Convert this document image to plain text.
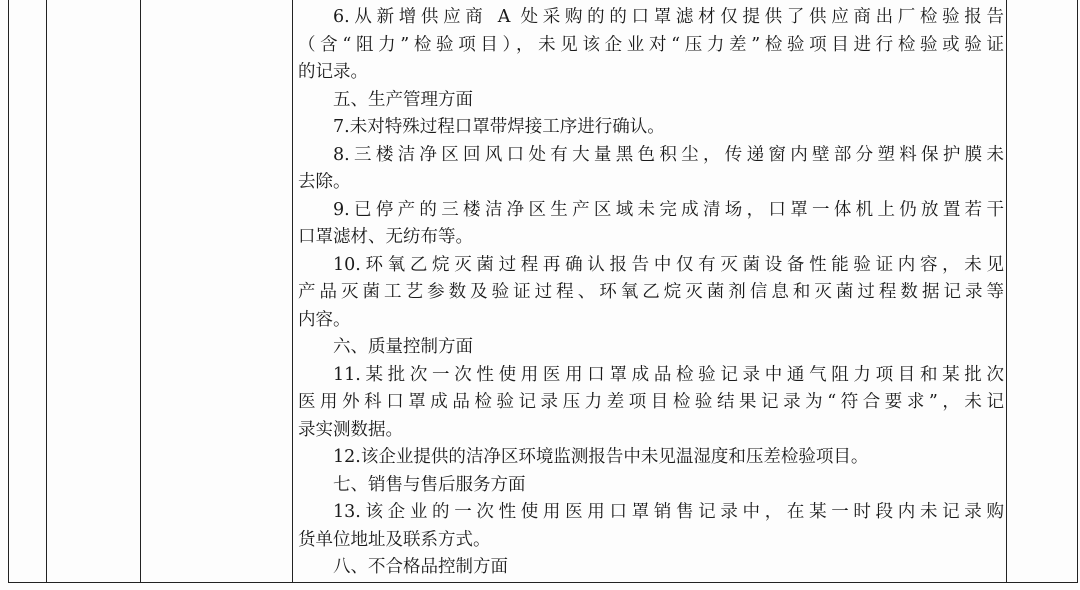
6.从新增供应商 A 处采购的的口罩滤材仅提供了供应商出厂检验报告
（含“阻力”检验项目），未见该企业对“压力差”检验项目进行检验或验证
的记录。
五、生产管理方面
7.未对特殊过程口罩带焊接工序进行确认。
8.三楼洁净区回风口处有大量黑色积尘，传递窗内壁部分塑料保护膜未
去除。
9.已停产的三楼洁净区生产区域未完成清场，口罩一体机上仍放置若干
口罩滤材、无纺布等。
10.环氧乙烷灭菌过程再确认报告中仅有灭菌设备性能验证内容，未见
产品灭菌工艺参数及验证过程、环氧乙烷灭菌剂信息和灭菌过程数据记录等
内容。
六、质量控制方面
11.某批次一次性使用医用口罩成品检验记录中通气阻力项目和某批次
医用外科口罩成品检验记录压力差项目检验结果记录为“符合要求”，未记
录实测数据。
12.该企业提供的洁净区环境监测报告中未见温湿度和压差检验项目。
七、销售与售后服务方面
13.该企业的一次性使用医用口罩销售记录中，在某一时段内未记录购
货单位地址及联系方式。
八、不合格品控制方面
